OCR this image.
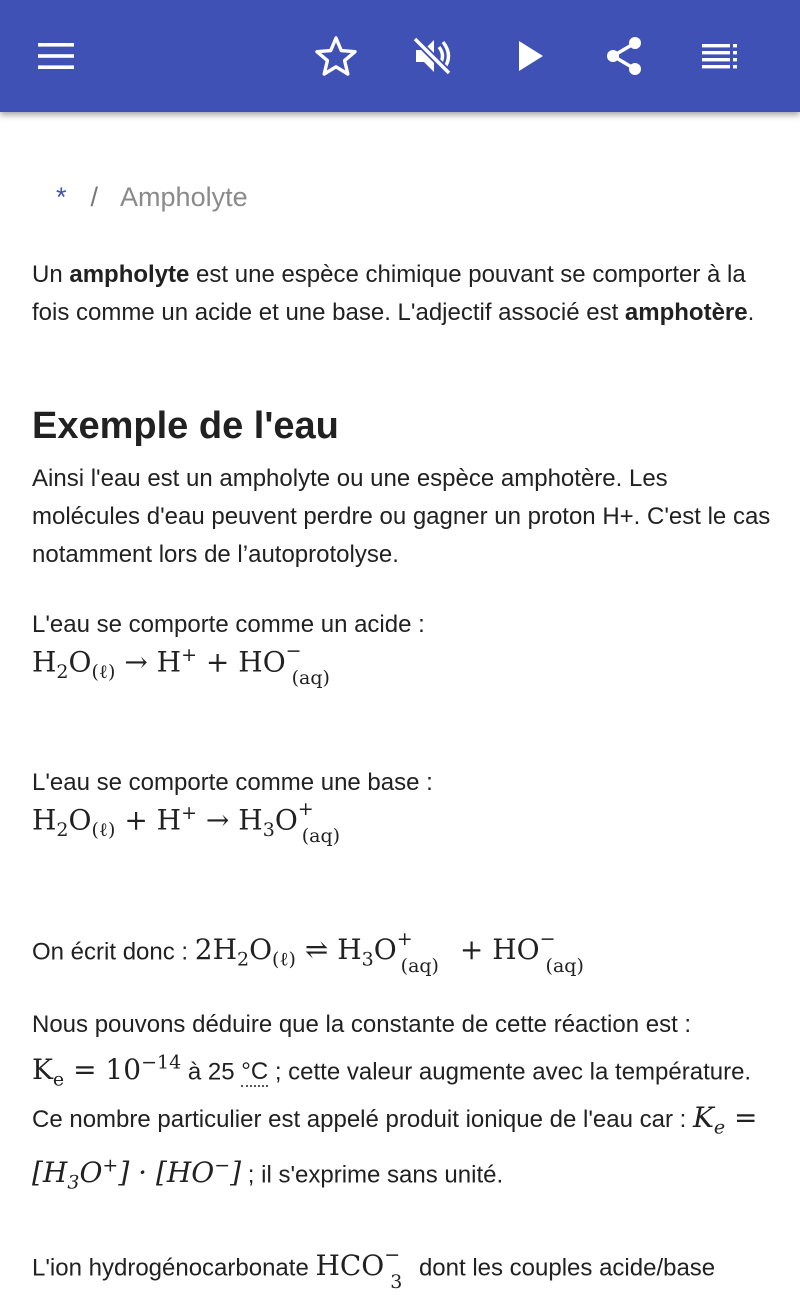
* / Ampholyte
Un ampholyte est une espèce chimique pouvant se comporter à la fois comme un acide et une base. L'adjectif associé est amphotère.
Exemple de l'eau
Ainsi l'eau est un ampholyte ou une espèce amphotère. Les molécules d'eau peuvent perdre ou gagner un proton H+. C'est le cas notamment lors de l’autoprotolyse.
L'eau se comporte comme un acide :
$H_2O_{(\ell)} \to H^+ + HO^-_{(aq)}$
L'eau se comporte comme une base :
$H_2O_{(\ell)} + H^+ \to H_3O^+_{(aq)}$
On écrit donc : $2H_2O_{(\ell)}$ ⇌ $H_3O^+_{(aq)} + HO^-_{(aq)}$
Nous pouvons déduire que la constante de cette réaction est :
$K_e = 10^{-14}$ à 25 °C ; cette valeur augmente avec la température. Ce nombre particulier est appelé produit ionique de l'eau car : $K_e = [H_3O^+] \cdot [HO^-]$ ; il s'exprime sans unité.
L'ion hydrogénocarbonate $HCO^-_3$ dont les couples acide/base
